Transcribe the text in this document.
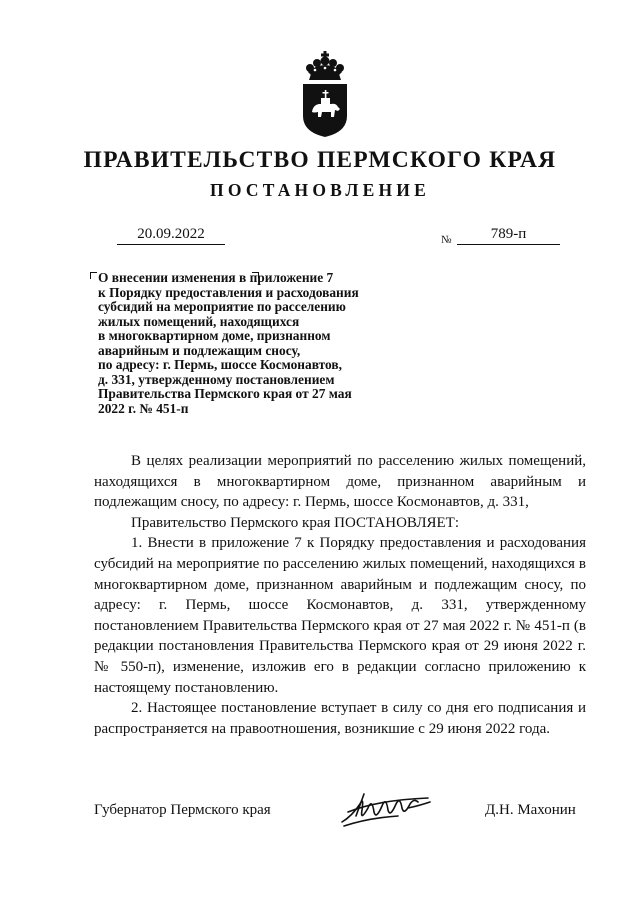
ПРАВИТЕЛЬСТВО ПЕРМСКОГО КРАЯ
ПОСТАНОВЛЕНИЕ
20.09.2022	№	789-п
О внесении изменения в приложение 7
к Порядку предоставления и расходования
субсидий на мероприятие по расселению
жилых помещений, находящихся
в многоквартирном доме, признанном
аварийным и подлежащим сносу,
по адресу: г. Пермь, шоссе Космонавтов,
д. 331, утвержденному постановлением
Правительства Пермского края от 27 мая
2022 г. № 451-п

В целях реализации мероприятий по расселению жилых помещений, находящихся в многоквартирном доме, признанном аварийным и подлежащим сносу, по адресу: г. Пермь, шоссе Космонавтов, д. 331,

Правительство Пермского края ПОСТАНОВЛЯЕТ:

1. Внести в приложение 7 к Порядку предоставления и расходования субсидий на мероприятие по расселению жилых помещений, находящихся в многоквартирном доме, признанном аварийным и подлежащим сносу, по адресу: г. Пермь, шоссе Космонавтов, д. 331, утвержденному постановлением Правительства Пермского края от 27 мая 2022 г. № 451-п (в редакции постановления Правительства Пермского края от 29 июня 2022 г. № 550-п), изменение, изложив его в редакции согласно приложению к настоящему постановлению.

2. Настоящее постановление вступает в силу со дня его подписания и распространяется на правоотношения, возникшие с 29 июня 2022 года.

Губернатор Пермского края	Д.Н. Махонин
